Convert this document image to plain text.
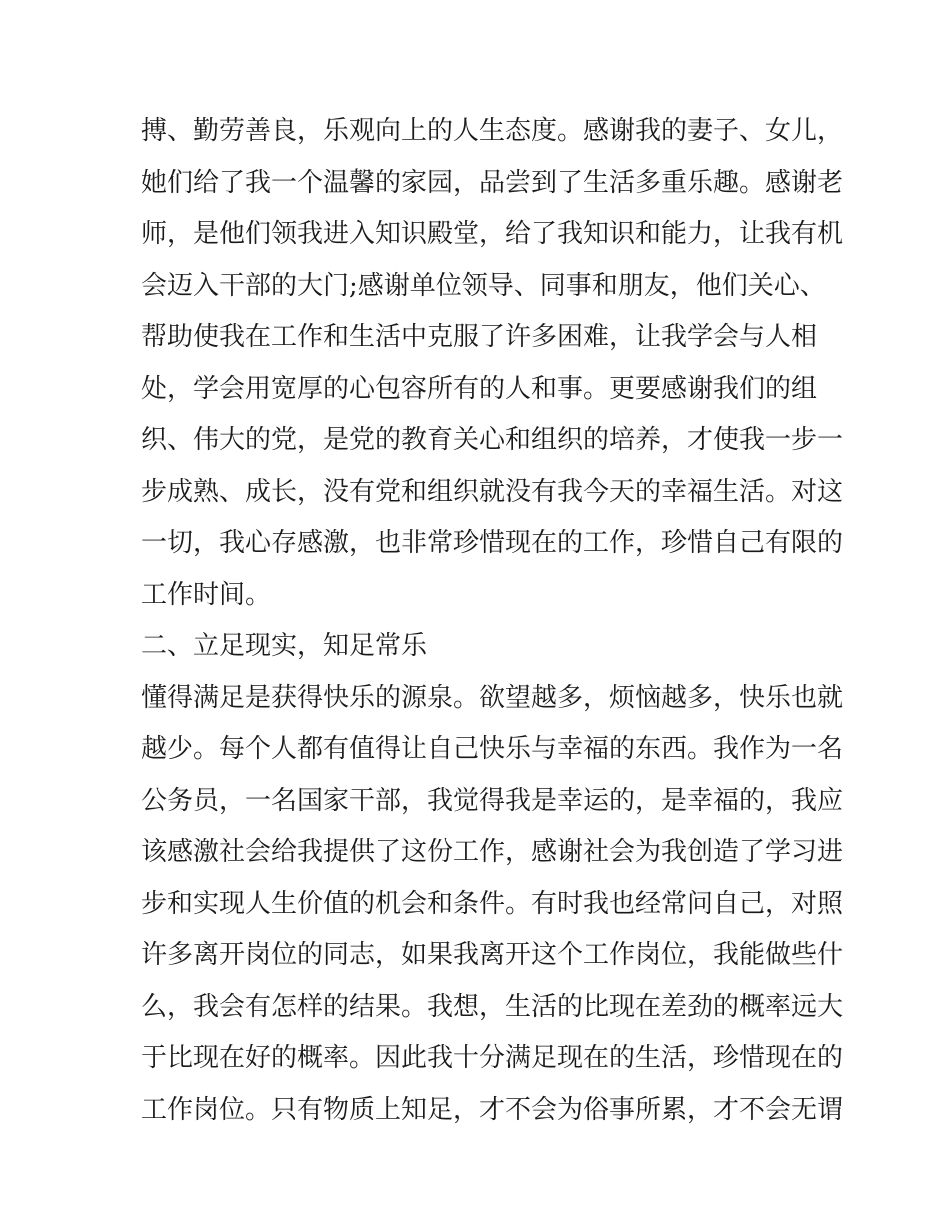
搏、勤劳善良，乐观向上的人生态度。感谢我的妻子、女儿，
她们给了我一个温馨的家园，品尝到了生活多重乐趣。感谢老
师，是他们领我进入知识殿堂，给了我知识和能力，让我有机
会迈入干部的大门;感谢单位领导、同事和朋友，他们关心、
帮助使我在工作和生活中克服了许多困难，让我学会与人相
处，学会用宽厚的心包容所有的人和事。更要感谢我们的组
织、伟大的党，是党的教育关心和组织的培养，才使我一步一
步成熟、成长，没有党和组织就没有我今天的幸福生活。对这
一切，我心存感激，也非常珍惜现在的工作，珍惜自己有限的
工作时间。
二、立足现实，知足常乐
懂得满足是获得快乐的源泉。欲望越多，烦恼越多，快乐也就
越少。每个人都有值得让自己快乐与幸福的东西。我作为一名
公务员，一名国家干部，我觉得我是幸运的，是幸福的，我应
该感激社会给我提供了这份工作，感谢社会为我创造了学习进
步和实现人生价值的机会和条件。有时我也经常问自己，对照
许多离开岗位的同志，如果我离开这个工作岗位，我能做些什
么，我会有怎样的结果。我想，生活的比现在差劲的概率远大
于比现在好的概率。因此我十分满足现在的生活，珍惜现在的
工作岗位。只有物质上知足，才不会为俗事所累，才不会无谓
